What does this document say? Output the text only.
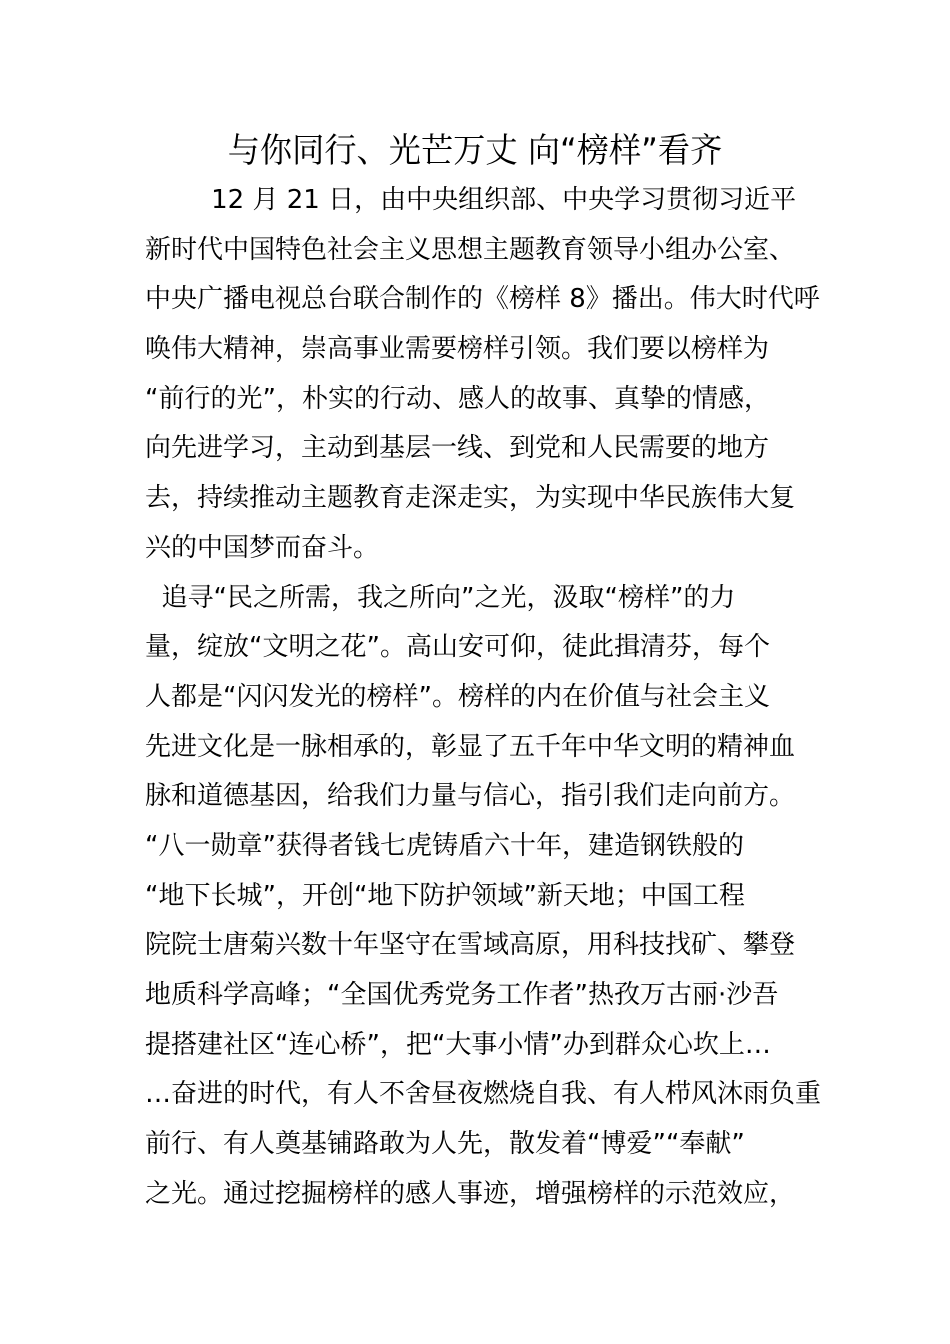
与你同行、光芒万丈 向“榜样”看齐
12 月 21 日，由中央组织部、中央学习贯彻习近平
新时代中国特色社会主义思想主题教育领导小组办公室、
中央广播电视总台联合制作的《榜样 8》播出。伟大时代呼
唤伟大精神，崇高事业需要榜样引领。我们要以榜样为
“前行的光”，朴实的行动、感人的故事、真挚的情感，
向先进学习，主动到基层一线、到党和人民需要的地方
去，持续推动主题教育走深走实，为实现中华民族伟大复
兴的中国梦而奋斗。
追寻“民之所需，我之所向”之光，汲取“榜样”的力
量，绽放“文明之花”。高山安可仰，徒此揖清芬，每个
人都是“闪闪发光的榜样”。榜样的内在价值与社会主义
先进文化是一脉相承的，彰显了五千年中华文明的精神血
脉和道德基因，给我们力量与信心，指引我们走向前方。
“八一勋章”获得者钱七虎铸盾六十年，建造钢铁般的
“地下长城”，开创“地下防护领域”新天地；中国工程
院院士唐菊兴数十年坚守在雪域高原，用科技找矿、攀登
地质科学高峰；“全国优秀党务工作者”热孜万古丽·沙吾
提搭建社区“连心桥”，把“大事小情”办到群众心坎上…
…奋进的时代，有人不舍昼夜燃烧自我、有人栉风沐雨负重
前行、有人奠基铺路敢为人先，散发着“博爱”“奉献”
之光。通过挖掘榜样的感人事迹，增强榜样的示范效应，
